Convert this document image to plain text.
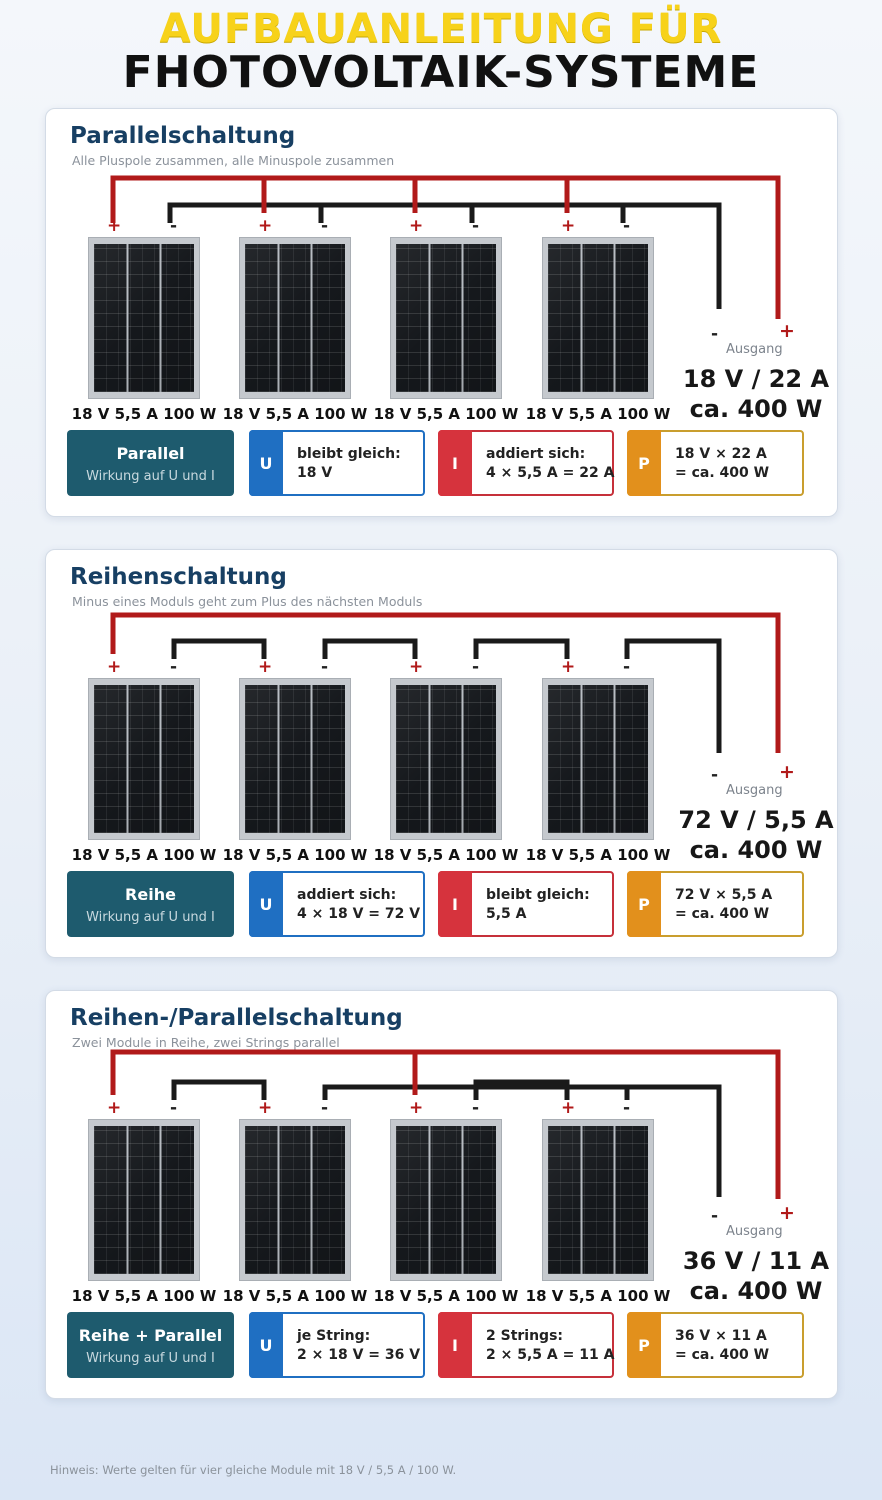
AUFBAUANLEITUNG FÜR
FHOTOVOLTAIK-SYSTEME
Parallelschaltung
Alle Pluspole zusammen, alle Minuspole zusammen
+	-	+	-	+	-	+	-
18 V 5,5 A 100 W 18 V 5,5 A 100 W 18 V 5,5 A 100 W 18 V 5,5 A 100 W
-	+
Ausgang
18 V / 22 A
ca. 400 W
Parallel
Wirkung auf U und I
U	bleibt gleich:
18 V
I	addiert sich:
4 × 5,5 A = 22 A
P	18 V × 22 A
= ca. 400 W
Reihenschaltung
Minus eines Moduls geht zum Plus des nächsten Moduls
+	-	+	-	+	-	+	-
18 V 5,5 A 100 W 18 V 5,5 A 100 W 18 V 5,5 A 100 W 18 V 5,5 A 100 W
-	+
Ausgang
72 V / 5,5 A
ca. 400 W
Reihe
Wirkung auf U und I
U	addiert sich:
4 × 18 V = 72 V
I	bleibt gleich:
5,5 A
P	72 V × 5,5 A
= ca. 400 W
Reihen-/Parallelschaltung
Zwei Module in Reihe, zwei Strings parallel
+	-	+	-	+	-	+	-
18 V 5,5 A 100 W 18 V 5,5 A 100 W 18 V 5,5 A 100 W 18 V 5,5 A 100 W
-	+
Ausgang
36 V / 11 A
ca. 400 W
Reihe + Parallel
Wirkung auf U und I
U	je String:
2 × 18 V = 36 V
I	2 Strings:
2 × 5,5 A = 11 A
P	36 V × 11 A
= ca. 400 W
Hinweis: Werte gelten für vier gleiche Module mit 18 V / 5,5 A / 100 W.
